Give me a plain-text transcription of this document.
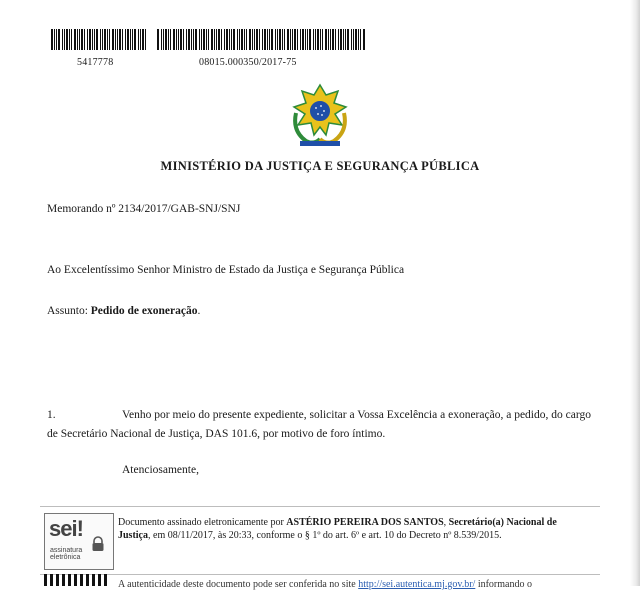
5417778	08015.000350/2017-75
MINISTÉRIO DA JUSTIÇA E SEGURANÇA PÚBLICA
Memorando nº 2134/2017/GAB-SNJ/SNJ
Ao Excelentíssimo Senhor Ministro de Estado da Justiça e Segurança Pública
Assunto: Pedido de exoneração.
1.	Venho por meio do presente expediente, solicitar a Vossa Excelência a exoneração, a pedido, do cargo de Secretário Nacional de Justiça, DAS 101.6, por motivo de foro íntimo.
Atenciosamente,
sei!
assinatura
eletrônica
Documento assinado eletronicamente por ASTÉRIO PEREIRA DOS SANTOS, Secretário(a) Nacional de Justiça, em 08/11/2017, às 20:33, conforme o § 1º do art. 6º e art. 10 do Decreto nº 8.539/2015.
A autenticidade deste documento pode ser conferida no site http://sei.autentica.mj.gov.br/ informando o
